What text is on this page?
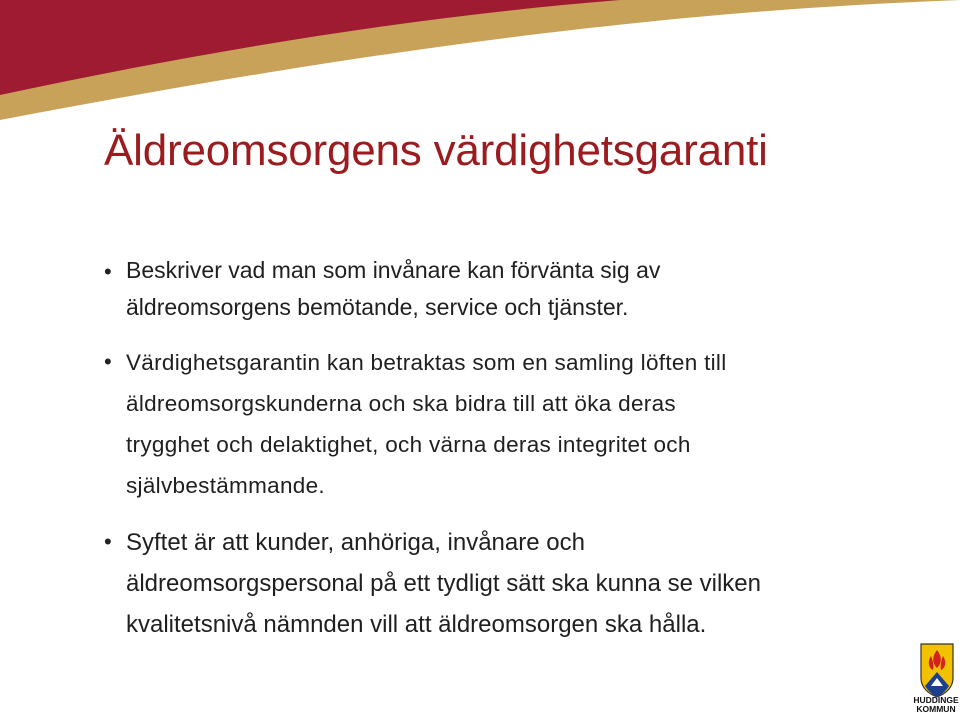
Äldreomsorgens värdighetsgaranti
• Beskriver vad man som invånare kan förvänta sig av
äldreomsorgens bemötande, service och tjänster.
• Värdighetsgarantin kan betraktas som en samling löften till
äldreomsorgskunderna och ska bidra till att öka deras
trygghet och delaktighet, och värna deras integritet och
självbestämmande.
• Syftet är att kunder, anhöriga, invånare och
äldreomsorgspersonal på ett tydligt sätt ska kunna se vilken
kvalitetsnivå nämnden vill att äldreomsorgen ska hålla.
HUDDINGE
KOMMUN
